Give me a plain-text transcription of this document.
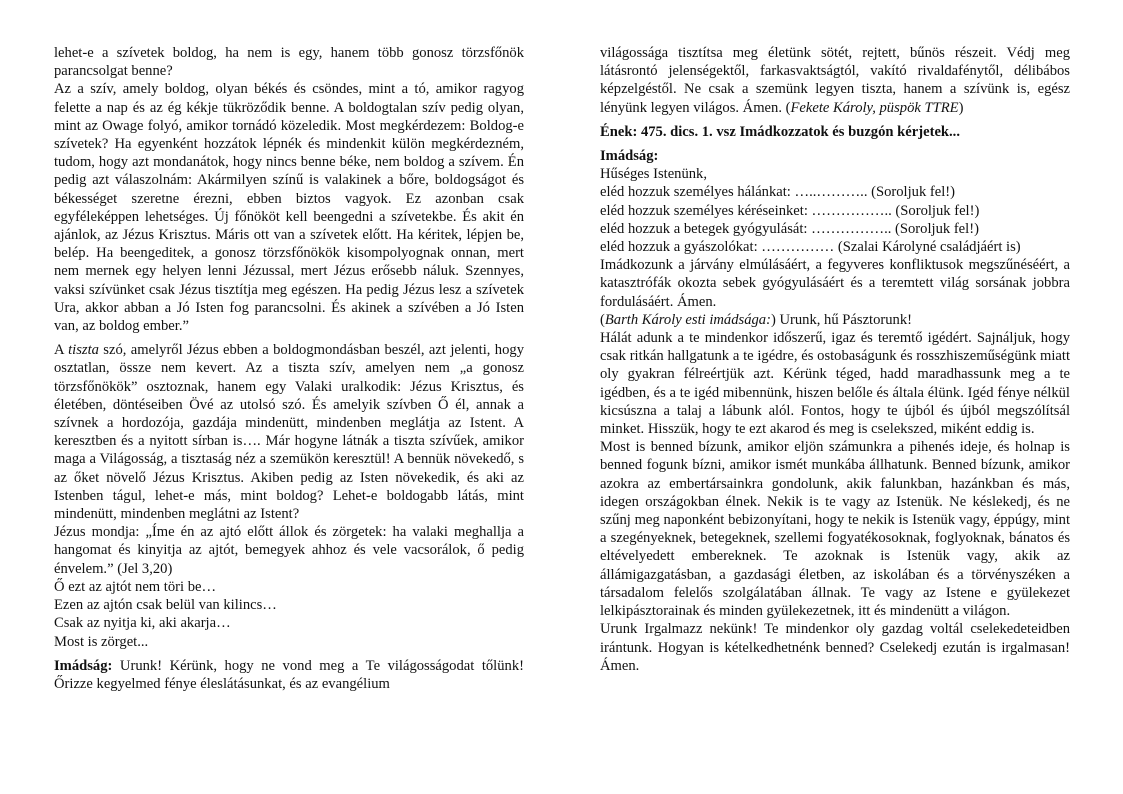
lehet-e a szívetek boldog, ha nem is egy, hanem több gonosz törzsfőnök parancsolgat benne?

Az a szív, amely boldog, olyan békés és csöndes, mint a tó, amikor ragyog felette a nap és az ég kékje tükröződik benne. A boldogtalan szív pedig olyan, mint az Owage folyó, amikor tornádó közeledik. Most megkérdezem: Boldog-e szívetek? Ha egyenként hozzátok lépnék és mindenkit külön megkérdezném, tudom, hogy azt mondanátok, hogy nincs benne béke, nem boldog a szívem. Én pedig azt válaszolnám: Akármilyen színű is valakinek a bőre, boldogságot és békességet szeretne érezni, ebben biztos vagyok. Ez azonban csak egyféleképpen lehetséges. Új főnököt kell beengedni a szívetekbe. És akit én ajánlok, az Jézus Krisztus. Máris ott van a szívetek előtt. Ha kéritek, lépjen be, belép. Ha beengeditek, a gonosz törzsfőnökök kisompolyognak onnan, mert nem mernek egy helyen lenni Jézussal, mert Jézus erősebb náluk. Szennyes, vaksi szívünket csak Jézus tisztítja meg egészen. Ha pedig Jézus lesz a szívetek Ura, akkor abban a Jó Isten fog parancsolni. És akinek a szívében a Jó Isten van, az boldog ember.”

A tiszta szó, amelyről Jézus ebben a boldogmondásban beszél, azt jelenti, hogy osztatlan, össze nem kevert. Az a tiszta szív, amelyen nem „a gonosz törzsfőnökök” osztoznak, hanem egy Valaki uralkodik: Jézus Krisztus, és életében, döntéseiben Övé az utolsó szó. És amelyik szívben Ő él, annak a szívnek a hordozója, gazdája mindenütt, mindenben meglátja az Istent. A keresztben és a nyitott sírban is…. Már hogyne látnák a tiszta szívűek, amikor maga a Világosság, a tisztaság néz a szemükön keresztül! A bennük növekedő, s az őket növelő Jézus Krisztus. Akiben pedig az Isten növekedik, és aki az Istenben tágul, lehet-e más, mint boldog? Lehet-e boldogabb látás, mint mindenütt, mindenben meglátni az Istent?

Jézus mondja: „Íme én az ajtó előtt állok és zörgetek: ha valaki meghallja a hangomat és kinyitja az ajtót, bemegyek ahhoz és vele vacsorálok, ő pedig énvelem.” (Jel 3,20)

Ő ezt az ajtót nem töri be…

Ezen az ajtón csak belül van kilincs…

Csak az nyitja ki, aki akarja…

Most is zörget...

Imádság: Urunk! Kérünk, hogy ne vond meg a Te világosságodat tőlünk! Őrizze kegyelmed fénye éleslátásunkat, és az evangélium

világossága tisztítsa meg életünk sötét, rejtett, bűnös részeit. Védj meg látásrontó jelenségektől, farkasvaktságtól, vakító rivaldafénytől, délibábos képzelgéstől. Ne csak a szemünk legyen tiszta, hanem a szívünk is, egész lényünk legyen világos. Ámen. (Fekete Károly, püspök TTRE)

Ének: 475. dics. 1. vsz Imádkozzatok és buzgón kérjetek...

Imádság:

Hűséges Istenünk,

eléd hozzuk személyes hálánkat: …..……….. (Soroljuk fel!)

eléd hozzuk személyes kéréseinket: …………….. (Soroljuk fel!)

eléd hozzuk a betegek gyógyulását: …………….. (Soroljuk fel!)

eléd hozzuk a gyászolókat: …………… (Szalai Károlyné családjáért is)

Imádkozunk a járvány elmúlásáért, a fegyveres konfliktusok megszűnéséért, a katasztrófák okozta sebek gyógyulásáért és a teremtett világ sorsának jobbra fordulásáért. Ámen.

(Barth Károly esti imádsága:) Urunk, hű Pásztorunk!

Hálát adunk a te mindenkor időszerű, igaz és teremtő igédért. Sajnáljuk, hogy csak ritkán hallgatunk a te igédre, és ostobaságunk és rosszhiszeműségünk miatt oly gyakran félreértjük azt. Kérünk téged, hadd maradhassunk meg a te igédben, és a te igéd mibennünk, hiszen belőle és általa élünk. Igéd fénye nélkül kicsúszna a talaj a lábunk alól. Fontos, hogy te újból és újból megszólítsál minket. Hisszük, hogy te ezt akarod és meg is cselekszed, miként eddig is.

Most is benned bízunk, amikor eljön számunkra a pihenés ideje, és holnap is benned fogunk bízni, amikor ismét munkába állhatunk. Benned bízunk, amikor azokra az embertársainkra gondolunk, akik falunkban, hazánkban és más, idegen országokban élnek. Nekik is te vagy az Istenük. Ne késlekedj, és ne szűnj meg naponként bebizonyítani, hogy te nekik is Istenük vagy, éppúgy, mint a szegényeknek, betegeknek, szellemi fogyatékosoknak, foglyoknak, bánatos és eltévelyedett embereknek. Te azoknak is Istenük vagy, akik az állámigazgatásban, a gazdasági életben, az iskolában és a törvényszéken a társadalom felelős szolgálatában állnak. Te vagy az Istene e gyülekezet lelkipásztorainak és minden gyülekezetnek, itt és mindenütt a világon.

Urunk Irgalmazz nekünk! Te mindenkor oly gazdag voltál cselekedeteidben irántunk. Hogyan is kételkedhetnénk benned? Cselekedj ezután is irgalmasan! Ámen.
